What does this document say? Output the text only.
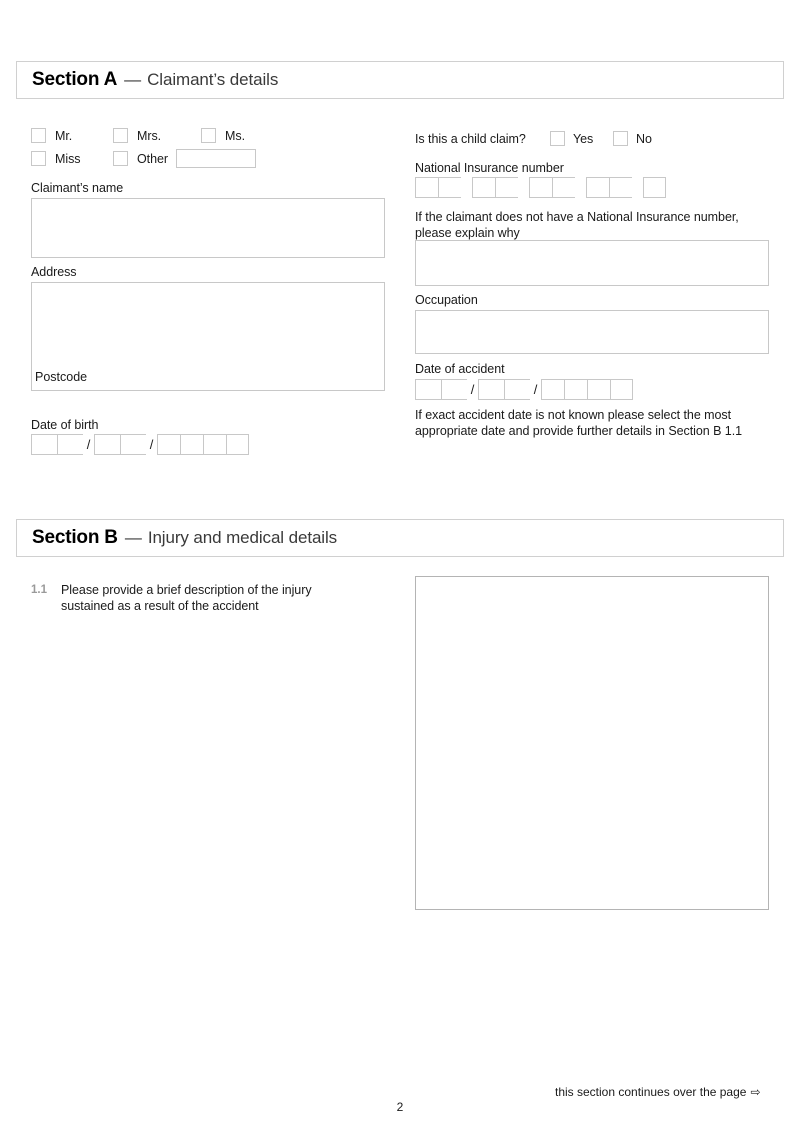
Section A — Claimant’s details
Mr.	Mrs.	Ms.
Miss	Other
Claimant’s name
Address
Postcode
Date of birth
/	/
Is this a child claim?	Yes	No
National Insurance number
If the claimant does not have a National Insurance number, please explain why
Occupation
Date of accident
/	/
If exact accident date is not known please select the most appropriate date and provide further details in Section B 1.1
Section B — Injury and medical details
1.1 Please provide a brief description of the injury sustained as a result of the accident
this section continues over the page ⇨
2
